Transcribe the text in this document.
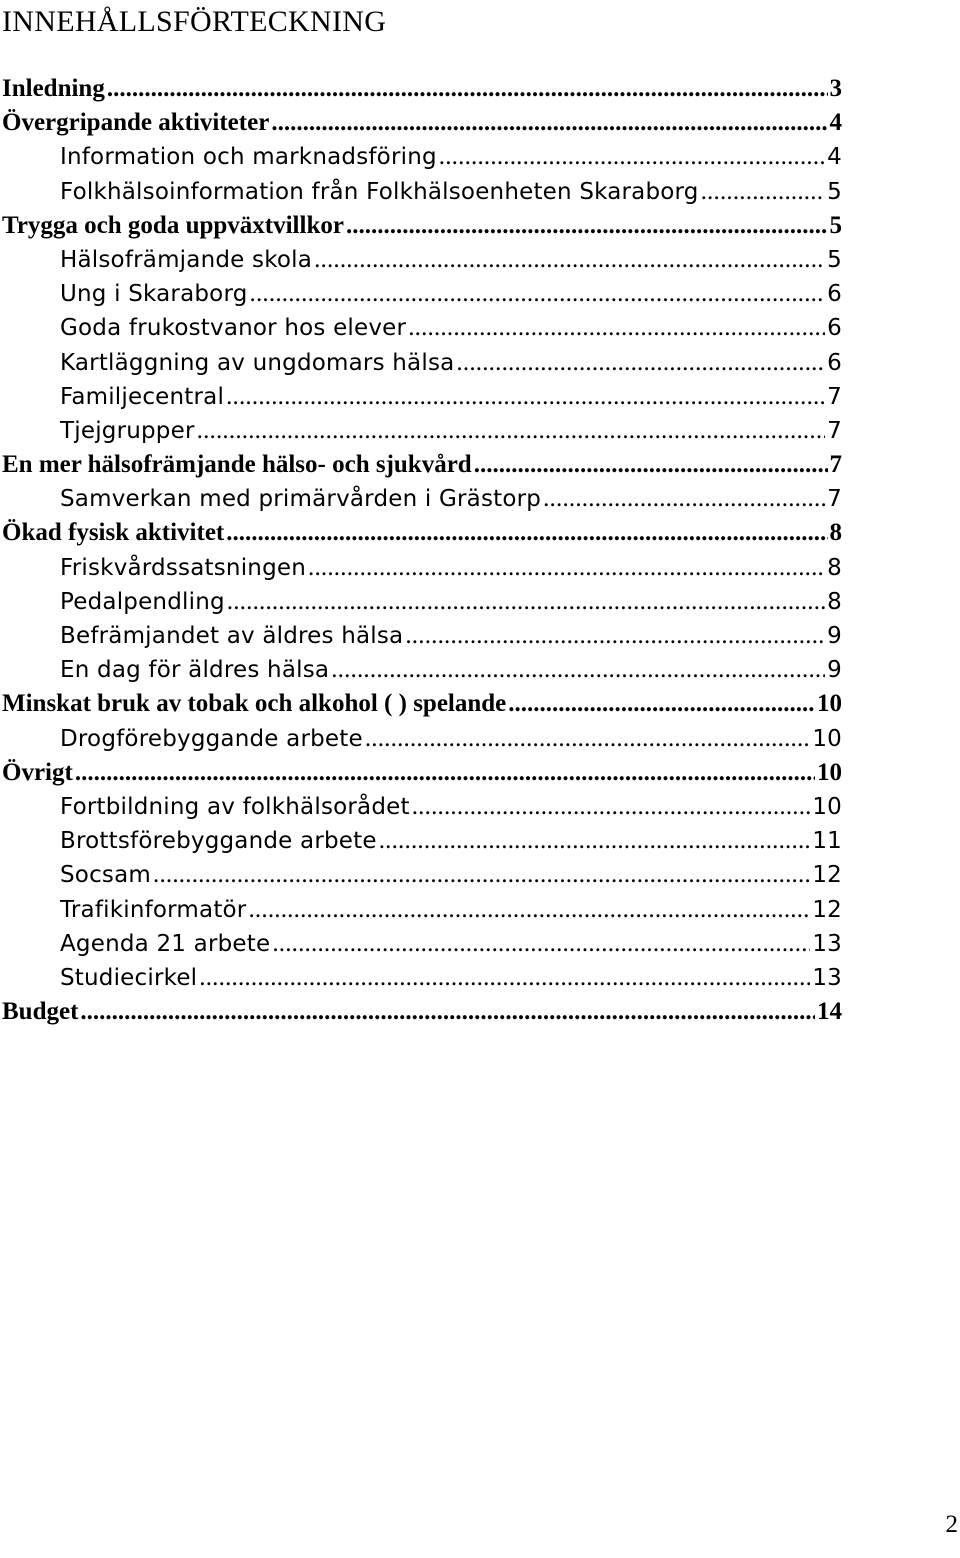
INNEHÅLLSFÖRTECKNING
Inledning .....	3
Övergripande aktiviteter .....	4
Information och marknadsföring .....	4
Folkhälsoinformation från Folkhälsoenheten Skaraborg .....	5
Trygga och goda uppväxtvillkor .....	5
Hälsofrämjande skola .....	5
Ung i Skaraborg .....	6
Goda frukostvanor hos elever .....	6
Kartläggning av ungdomars hälsa .....	6
Familjecentral .....	7
Tjejgrupper .....	7
En mer hälsofrämjande hälso- och sjukvård .....	7
Samverkan med primärvården i Grästorp .....	7
Ökad fysisk aktivitet .....	8
Friskvårdssatsningen .....	8
Pedalpendling .....	8
Befrämjandet av äldres hälsa .....	9
En dag för äldres hälsa .....	9
Minskat bruk av tobak och alkohol ( ) spelande .....	10
Drogförebyggande arbete .....	10
Övrigt .....	10
Fortbildning av folkhälsorådet .....	10
Brottsförebyggande arbete .....	11
Socsam .....	12
Trafikinformatör .....	12
Agenda 21 arbete .....	13
Studiecirkel .....	13
Budget .....	14
2
